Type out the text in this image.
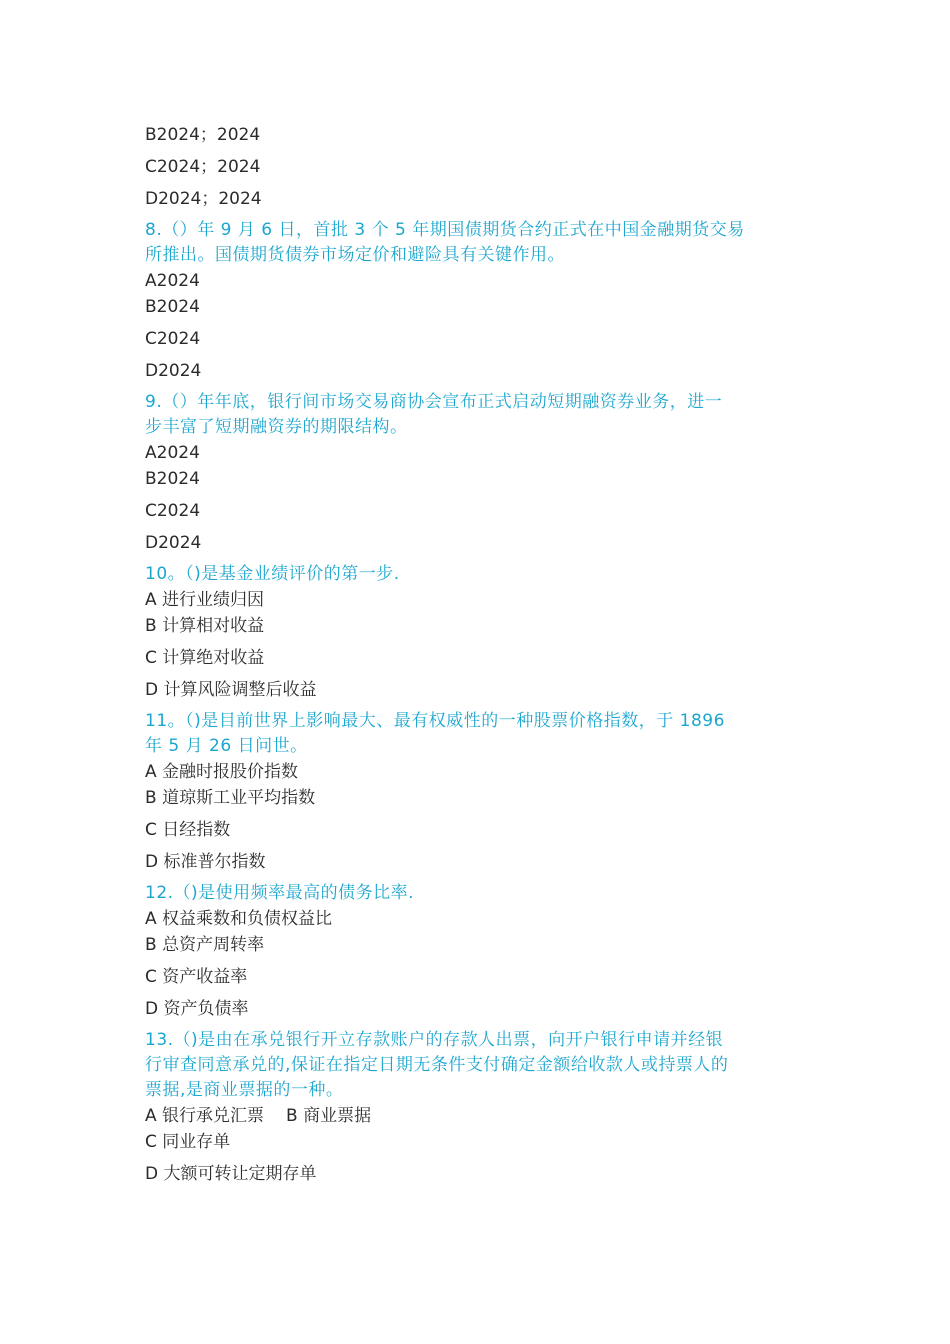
B2024；2024

C2024；2024

D2024；2024

8.（）年 9 月 6 日，首批 3 个 5 年期国债期货合约正式在中国金融期货交易

所推出。国债期货债券市场定价和避险具有关键作用。

A2024

B2024

C2024

D2024

9.（）年年底，银行间市场交易商协会宣布正式启动短期融资券业务，进一

步丰富了短期融资券的期限结构。

A2024

B2024

C2024

D2024

10。（)是基金业绩评价的第一步.

A 进行业绩归因

B 计算相对收益

C 计算绝对收益

D 计算风险调整后收益

11。（)是目前世界上影响最大、最有权威性的一种股票价格指数，于 1896

年 5 月 26 日问世。

A 金融时报股价指数

B 道琼斯工业平均指数

C 日经指数

D 标准普尔指数

12.（)是使用频率最高的债务比率.

A 权益乘数和负债权益比

B 总资产周转率

C 资产收益率

D 资产负债率

13.（)是由在承兑银行开立存款账户的存款人出票，向开户银行申请并经银

行审查同意承兑的,保证在指定日期无条件支付确定金额给收款人或持票人的

票据,是商业票据的一种。

A 银行承兑汇票 B 商业票据

C 同业存单

D 大额可转让定期存单
